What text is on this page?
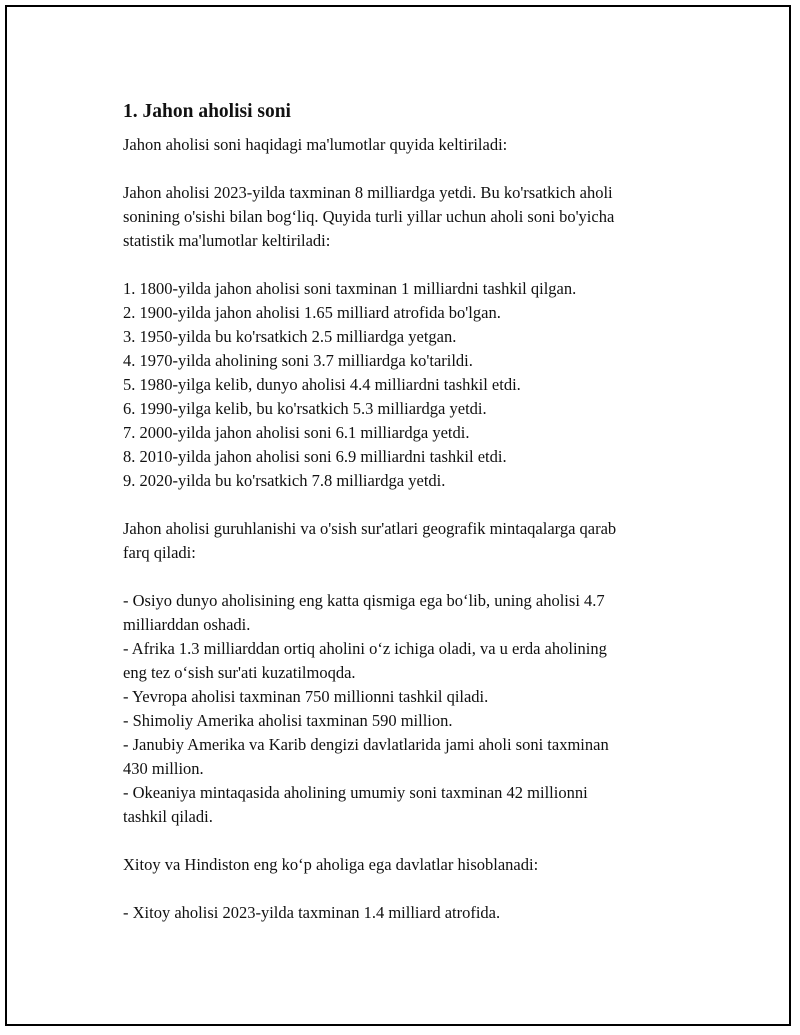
1. Jahon aholisi soni
Jahon aholisi soni haqidagi ma'lumotlar quyida keltiriladi:
Jahon aholisi 2023-yilda taxminan 8 milliardga yetdi. Bu ko'rsatkich aholi
sonining o'sishi bilan bog‘liq. Quyida turli yillar uchun aholi soni bo'yicha
statistik ma'lumotlar keltiriladi:
1. 1800-yilda jahon aholisi soni taxminan 1 milliardni tashkil qilgan.
2. 1900-yilda jahon aholisi 1.65 milliard atrofida bo'lgan.
3. 1950-yilda bu ko'rsatkich 2.5 milliardga yetgan.
4. 1970-yilda aholining soni 3.7 milliardga ko'tarildi.
5. 1980-yilga kelib, dunyo aholisi 4.4 milliardni tashkil etdi.
6. 1990-yilga kelib, bu ko'rsatkich 5.3 milliardga yetdi.
7. 2000-yilda jahon aholisi soni 6.1 milliardga yetdi.
8. 2010-yilda jahon aholisi soni 6.9 milliardni tashkil etdi.
9. 2020-yilda bu ko'rsatkich 7.8 milliardga yetdi.
Jahon aholisi guruhlanishi va o'sish sur'atlari geografik mintaqalarga qarab
farq qiladi:
- Osiyo dunyo aholisining eng katta qismiga ega bo‘lib, uning aholisi 4.7
milliarddan oshadi.
- Afrika 1.3 milliarddan ortiq aholini o‘z ichiga oladi, va u erda aholining
eng tez o‘sish sur'ati kuzatilmoqda.
- Yevropa aholisi taxminan 750 millionni tashkil qiladi.
- Shimoliy Amerika aholisi taxminan 590 million.
- Janubiy Amerika va Karib dengizi davlatlarida jami aholi soni taxminan
430 million.
- Okeaniya mintaqasida aholining umumiy soni taxminan 42 millionni
tashkil qiladi.
Xitoy va Hindiston eng ko‘p aholiga ega davlatlar hisoblanadi:
- Xitoy aholisi 2023-yilda taxminan 1.4 milliard atrofida.
